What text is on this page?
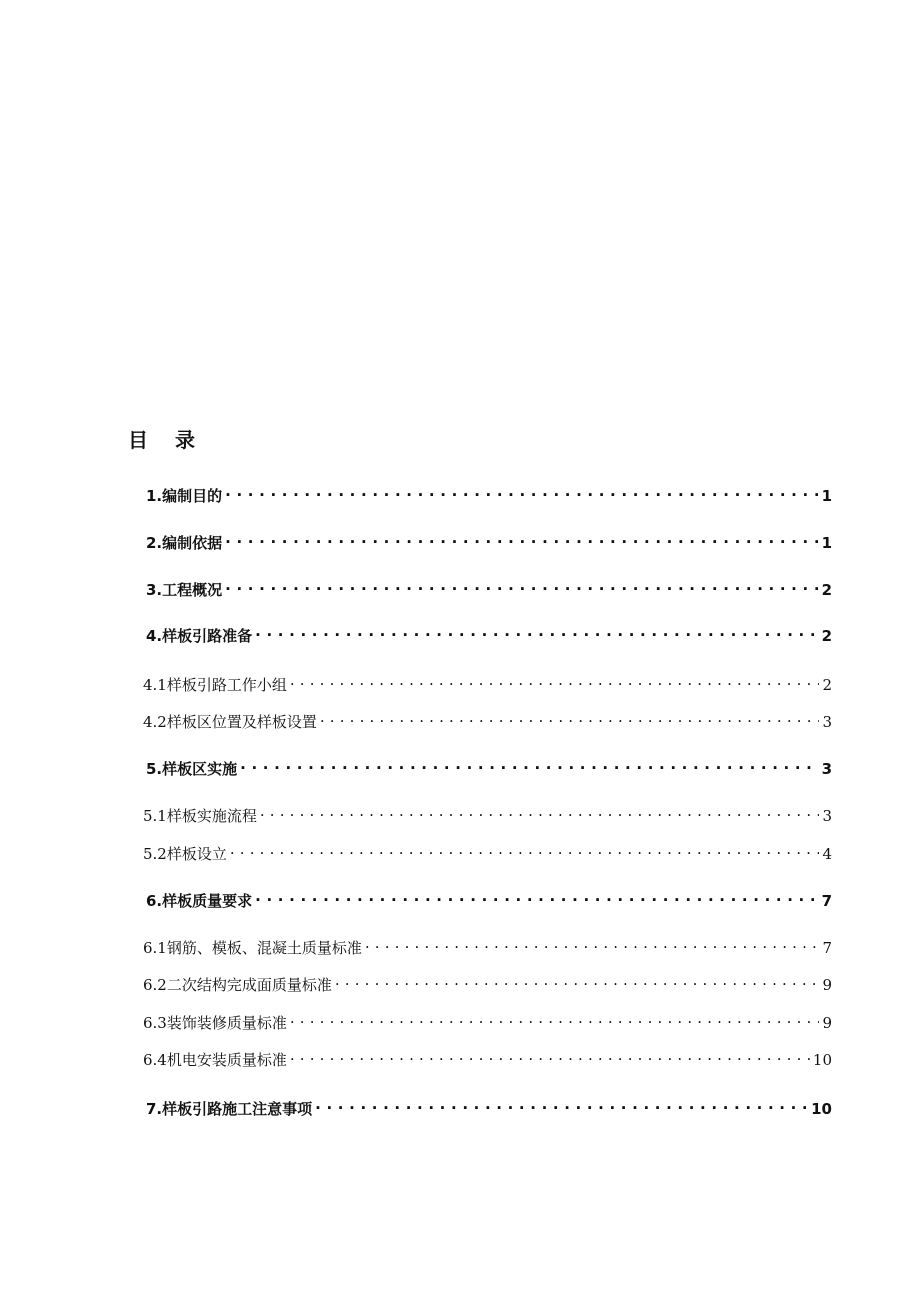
目 录
1. 编制目的 . . .	1
2. 编制依据 . . .	1
3. 工程概况 . . .	2
4. 样板引路准备 . . .	2
4.1 样板引路工作小组 . . .	2
4.2 样板区位置及样板设置 . . .	3
5. 样板区实施 . . .	3
5.1 样板实施流程 . . .	3
5.2 样板设立 . . .	4
6. 样板质量要求 . . .	7
6.1 钢筋、模板、混凝土质量标准 . . .	7
6.2 二次结构完成面质量标准 . . .	9
6.3 装饰装修质量标准 . . .	9
6.4 机电安装质量标准 . . .	10
7. 样板引路施工注意事项 . . .	10
